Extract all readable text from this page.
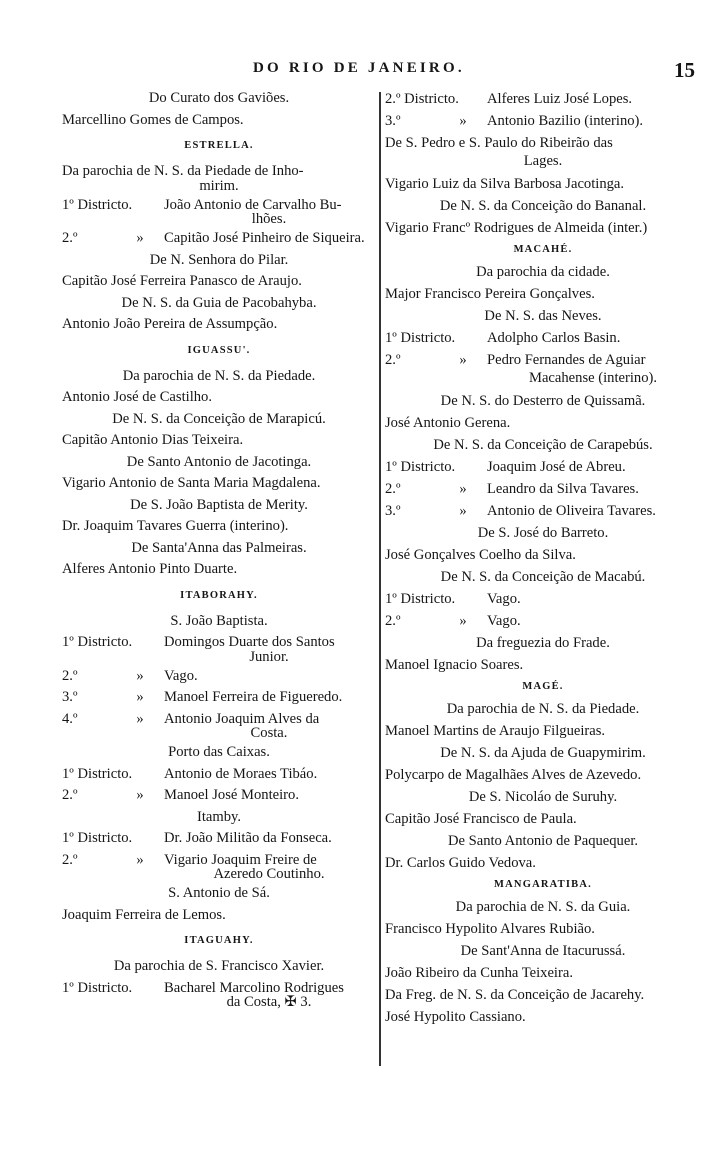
DO RIO DE JANEIRO.	15
Do Curato dos Gaviões.
Marcellino Gomes de Campos.
ESTRELLA.
Da parochia de N. S. da Piedade de Inho-
mirim.
1º Districto. João Antonio de Carvalho Bu-
lhões.
2.º	» Capitão José Pinheiro de Siqueira.
De N. Senhora do Pilar.
Capitão José Ferreira Panasco de Araujo.
De N. S. da Guia de Pacobahyba.
Antonio João Pereira de Assumpção.
IGUASSU'.
Da parochia de N. S. da Piedade.
Antonio José de Castilho.
De N. S. da Conceição de Marapicú.
Capitão Antonio Dias Teixeira.
De Santo Antonio de Jacotinga.
Vigario Antonio de Santa Maria Magdalena.
De S. João Baptista de Merity.
Dr. Joaquim Tavares Guerra (interino).
De Santa'Anna das Palmeiras.
Alferes Antonio Pinto Duarte.
ITABORAHY.
S. João Baptista.
1º Districto. Domingos Duarte dos Santos
Junior.
2.º	» Vago.
3.º	» Manoel Ferreira de Figueredo.
4.º	» Antonio Joaquim Alves da
Costa.
Porto das Caixas.
1º Districto. Antonio de Moraes Tibáo.
2.º	» Manoel José Monteiro.
Itamby.
1º Districto. Dr. João Militão da Fonseca.
2.º	» Vigario Joaquim Freire de
Azeredo Coutinho.
S. Antonio de Sá.
Joaquim Ferreira de Lemos.
ITAGUAHY.
Da parochia de S. Francisco Xavier.
1º Districto. Bacharel Marcolino Rodrigues
da Costa, ✠ 3.
2.º Districto. Alferes Luiz José Lopes.
3.º	» Antonio Bazilio (interino).
De S. Pedro e S. Paulo do Ribeirão das
Lages.
Vigario Luiz da Silva Barbosa Jacotinga.
De N. S. da Conceição do Bananal.
Vigario Francº Rodrigues de Almeida (inter.)
MACAHÉ.
Da parochia da cidade.
Major Francisco Pereira Gonçalves.
De N. S. das Neves.
1º Districto. Adolpho Carlos Basin.
2.º	» Pedro Fernandes de Aguiar
Macahense (interino).
De N. S. do Desterro de Quissamã.
José Antonio Gerena.
De N. S. da Conceição de Carapebús.
1º Districto. Joaquim José de Abreu.
2.º	» Leandro da Silva Tavares.
3.º	» Antonio de Oliveira Tavares.
De S. José do Barreto.
José Gonçalves Coelho da Silva.
De N. S. da Conceição de Macabú.
1º Districto. Vago.
2.º	» Vago.
Da freguezia do Frade.
Manoel Ignacio Soares.
MAGÉ.
Da parochia de N. S. da Piedade.
Manoel Martins de Araujo Filgueiras.
De N. S. da Ajuda de Guapymirim.
Polycarpo de Magalhães Alves de Azevedo.
De S. Nicoláo de Suruhy.
Capitão José Francisco de Paula.
De Santo Antonio de Paquequer.
Dr. Carlos Guido Vedova.
MANGARATIBA.
Da parochia de N. S. da Guia.
Francisco Hypolito Alvares Rubião.
De Sant'Anna de Itacurussá.
João Ribeiro da Cunha Teixeira.
Da Freg. de N. S. da Conceição de Jacarehy.
José Hypolito Cassiano.
